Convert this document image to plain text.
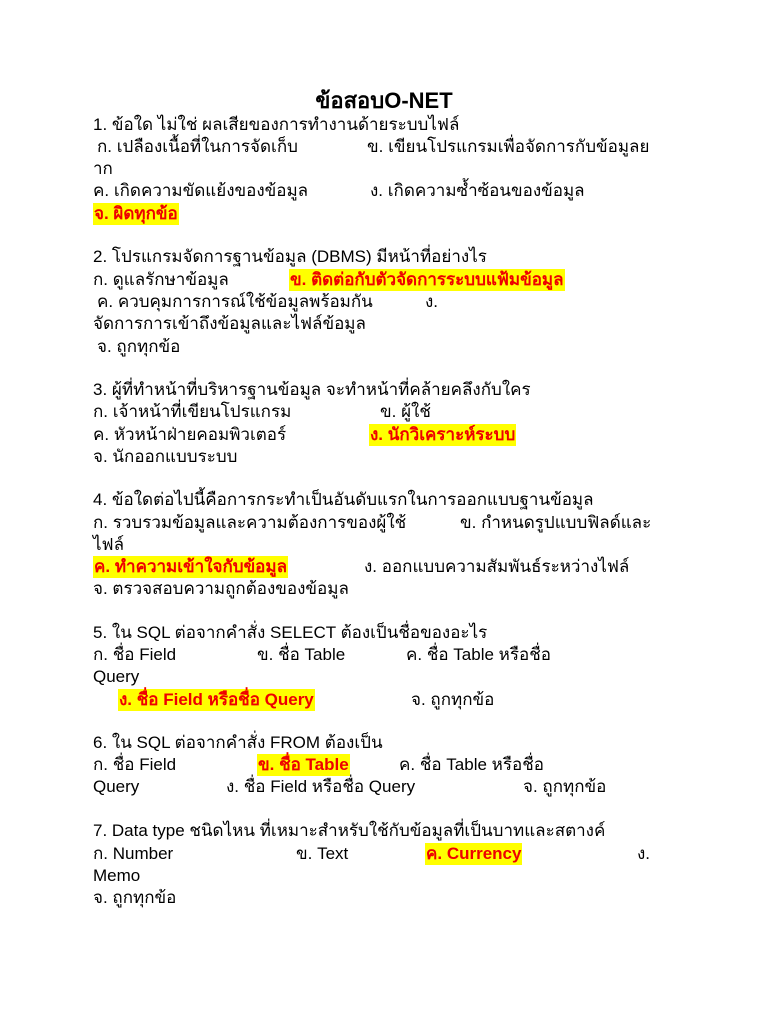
ข้อสอบO-NET
1. ข้อใด ไม่ใช่ ผลเสียของการทำงานด้ายระบบไฟล์
ก. เปลืองเนื้อที่ในการจัดเก็บ	ข. เขียนโปรแกรมเพื่อจัดการกับข้อมูลย
าก
ค. เกิดความขัดแย้งของข้อมูล	ง. เกิดความซ้ำซ้อนของข้อมูล
จ. ผิดทุกข้อ
2. โปรแกรมจัดการฐานข้อมูล (DBMS) มีหน้าที่อย่างไร
ก. ดูแลรักษาข้อมูล	ข. ติดต่อกับตัวจัดการระบบแฟ้มข้อมูล
ค. ควบคุมการการณ์ใช้ข้อมูลพร้อมกัน	ง.
จัดการการเข้าถึงข้อมูลและไฟล์ข้อมูล
จ. ถูกทุกข้อ
3. ผู้ที่ทำหน้าที่บริหารฐานข้อมูล จะทำหน้าที่คล้ายคลึงกับใคร
ก. เจ้าหน้าที่เขียนโปรแกรม	ข. ผู้ใช้
ค. หัวหน้าฝ่ายคอมพิวเตอร์	ง. นักวิเคราะห์ระบบ
จ. นักออกแบบระบบ
4. ข้อใดต่อไปนี้คือการกระทำเป็นอันดับแรกในการออกแบบฐานข้อมูล
ก. รวบรวมข้อมูลและความต้องการของผู้ใช้	ข. กำหนดรูปแบบฟิลด์และ
ไฟล์
ค. ทำความเข้าใจกับข้อมูล	ง. ออกแบบความสัมพันธ์ระหว่างไฟล์
จ. ตรวจสอบความถูกต้องของข้อมูล
5. ใน SQL ต่อจากคำสั่ง SELECT ต้องเป็นชื่อของอะไร
ก. ชื่อ Field	ข. ชื่อ Table	ค. ชื่อ Table หรือชื่อ
Query
ง. ชื่อ Field หรือชื่อ Query	จ. ถูกทุกข้อ
6. ใน SQL ต่อจากคำสั่ง FROM ต้องเป็น
ก. ชื่อ Field	ข. ชื่อ Table	ค. ชื่อ Table หรือชื่อ
Query	ง. ชื่อ Field หรือชื่อ Query	จ. ถูกทุกข้อ
7. Data type ชนิดไหน ที่เหมาะสำหรับใช้กับข้อมูลที่เป็นบาทและสตางค์
ก. Number	ข. Text	ค. Currency	ง.
Memo
จ. ถูกทุกข้อ
